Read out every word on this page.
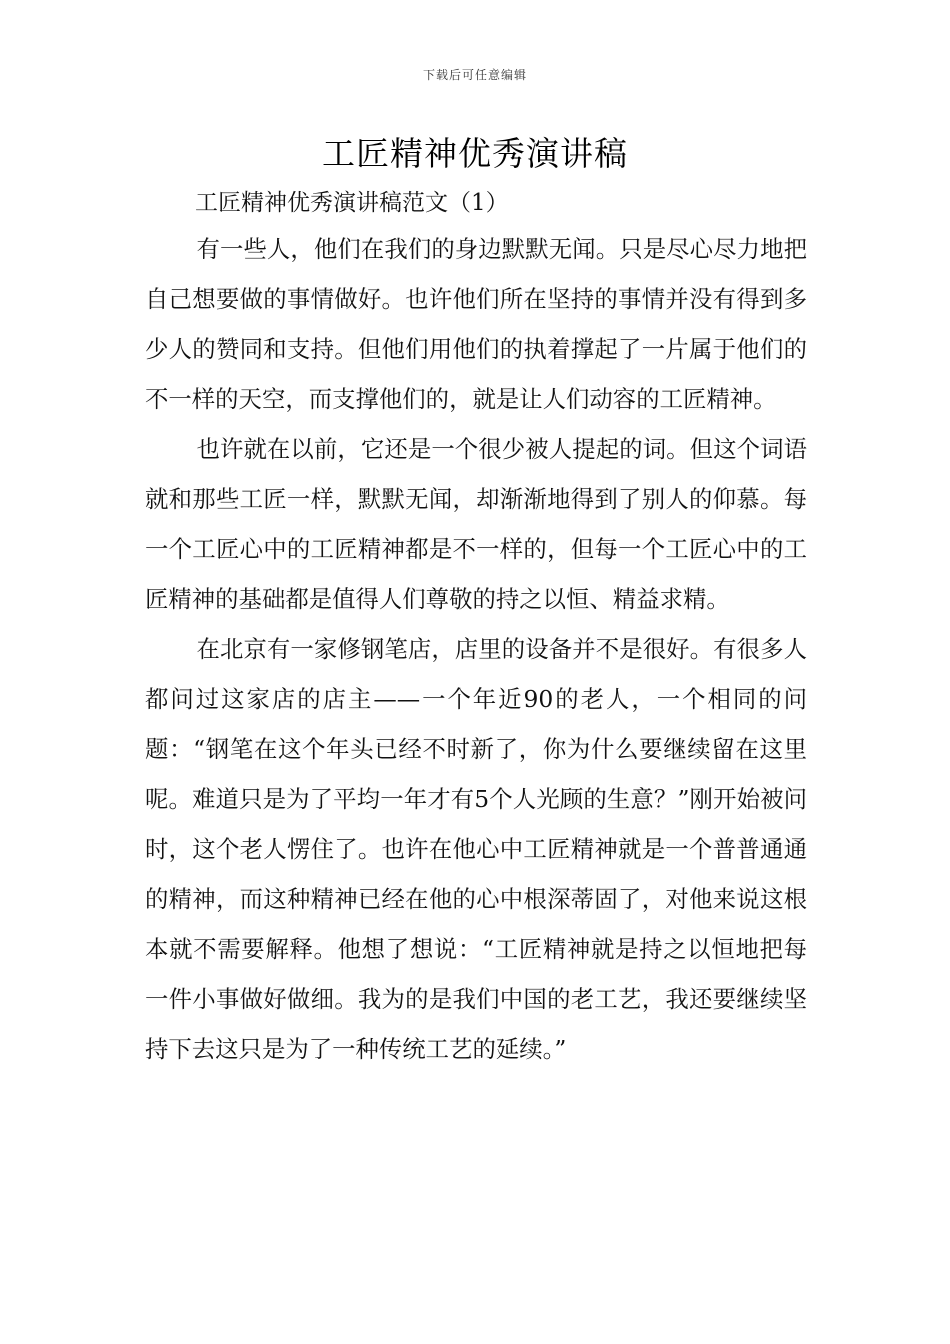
下载后可任意编辑
工匠精神优秀演讲稿
工匠精神优秀演讲稿范文（1）

有一些人，他们在我们的身边默默无闻。只是尽心尽力地把自己想要做的事情做好。也许他们所在坚持的事情并没有得到多少人的赞同和支持。但他们用他们的执着撑起了一片属于他们的不一样的天空，而支撑他们的，就是让人们动容的工匠精神。

也许就在以前，它还是一个很少被人提起的词。但这个词语就和那些工匠一样，默默无闻，却渐渐地得到了别人的仰慕。每一个工匠心中的工匠精神都是不一样的，但每一个工匠心中的工匠精神的基础都是值得人们尊敬的持之以恒、精益求精。

在北京有一家修钢笔店，店里的设备并不是很好。有很多人都问过这家店的店主——一个年近90的老人，一个相同的问题：“钢笔在这个年头已经不时新了，你为什么要继续留在这里呢。难道只是为了平均一年才有5个人光顾的生意？”刚开始被问时，这个老人愣住了。也许在他心中工匠精神就是一个普普通通的精神，而这种精神已经在他的心中根深蒂固了，对他来说这根本就不需要解释。他想了想说：“工匠精神就是持之以恒地把每一件小事做好做细。我为的是我们中国的老工艺，我还要继续坚持下去这只是为了一种传统工艺的延续。”
